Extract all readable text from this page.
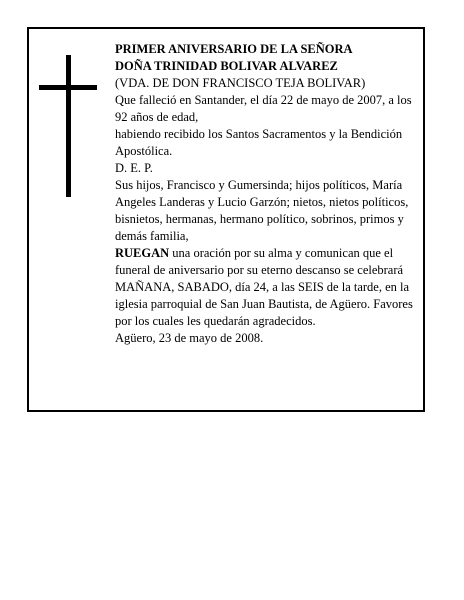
PRIMER ANIVERSARIO DE LA SEÑORA

DOÑA TRINIDAD BOLIVAR ALVAREZ

(VDA. DE DON FRANCISCO TEJA BOLIVAR)

Que falleció en Santander, el día 22 de mayo de 2007, a los 92 años de edad,

habiendo recibido los Santos Sacramentos y la Bendición Apostólica.

D. E. P.

Sus hijos, Francisco y Gumersinda; hijos políticos, María Angeles Landeras y Lucio Garzón; nietos, nietos políticos, bisnietos, hermanas, hermano político, sobrinos, primos y demás familia,

RUEGAN una oración por su alma y comunican que el funeral de aniversario por su eterno descanso se celebrará MAÑANA, SABADO, día 24, a las SEIS de la tarde, en la iglesia parroquial de San Juan Bautista, de Agüero. Favores por los cuales les quedarán agradecidos.

Agüero, 23 de mayo de 2008.
